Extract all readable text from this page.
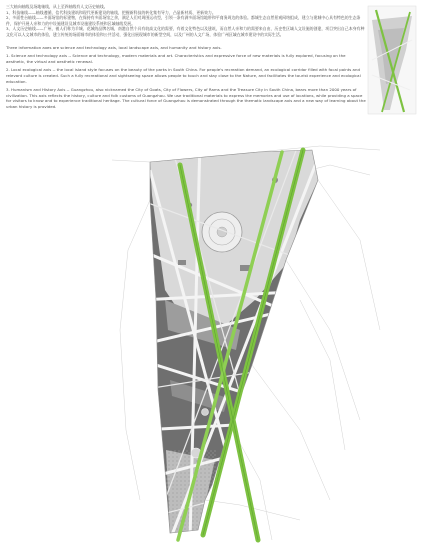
三大轴向轴线及场地轴线，从上至四轴线有人文历史轴线。

1、科技轴线——轴线遵循，信代科技建筑和现代更新建设的轴线，把握新科技的转化集有导力，凸显新材质、更新效力。

2、多面性台轴线——多面场馆的标建物，在保持有多面场馆之余，满足人们对周围运动型，引领一条有满多面场馆地带和平商务周边的体验。都城生态自然景观网络组成，建立与建城中心具有特色的生态条件，保护开展人亲和力的中设施建设及城市设施建设系统和区域轴线发展。

3、人文历史轴线——广州，被人们称为羊城、花城的品牌名城，南港自然个具有较高文化的需要，有着文化特色以及建筑，而自然人亲和力的需要来自由，历史性区域人文设施的创建，项目突出自己本身有种文化可以人文城市的体验，建立传统的场面城市的体验和公共活动，强化出展现城市的新型空间，以及广州的人文广场，体验广州区域在城市建设中的实际生活。

Three information axes are science and technology axis, local landscape axis, and humanity and history axis.

1. Science and technology axis -- Science and technology, modern materials and art. Characteristics and expressive force of new materials is fully explored, focusing on the aesthetic, the virtual and aesthetic renewal.

2. Local ecological axis -- the local island style focuses on the beauty of the parks in South China. For people's recreation demand, an ecological corridor filled with focal points and relevant culture is created. Such a fully recreational and sightseeing space allows people to touch and stay close to the Nature, and facilitates the tourist experience and ecological education.

3. Humanism and History Axis -- Guangzhou, also nicknamed the City of Goats, City of Flowers, City of Rams and the Treasure City in South China, bears more than 2000 years of civilization. This axis reflects the history, culture and folk customs of Guangzhou. We use traditional materials to express the memories and use of locations, while providing a space for visitors to know and to experience traditional heritage. The cultural force of Guangzhou is demonstrated through the thematic landscape axis and a new way of learning about the urban history is provided.
